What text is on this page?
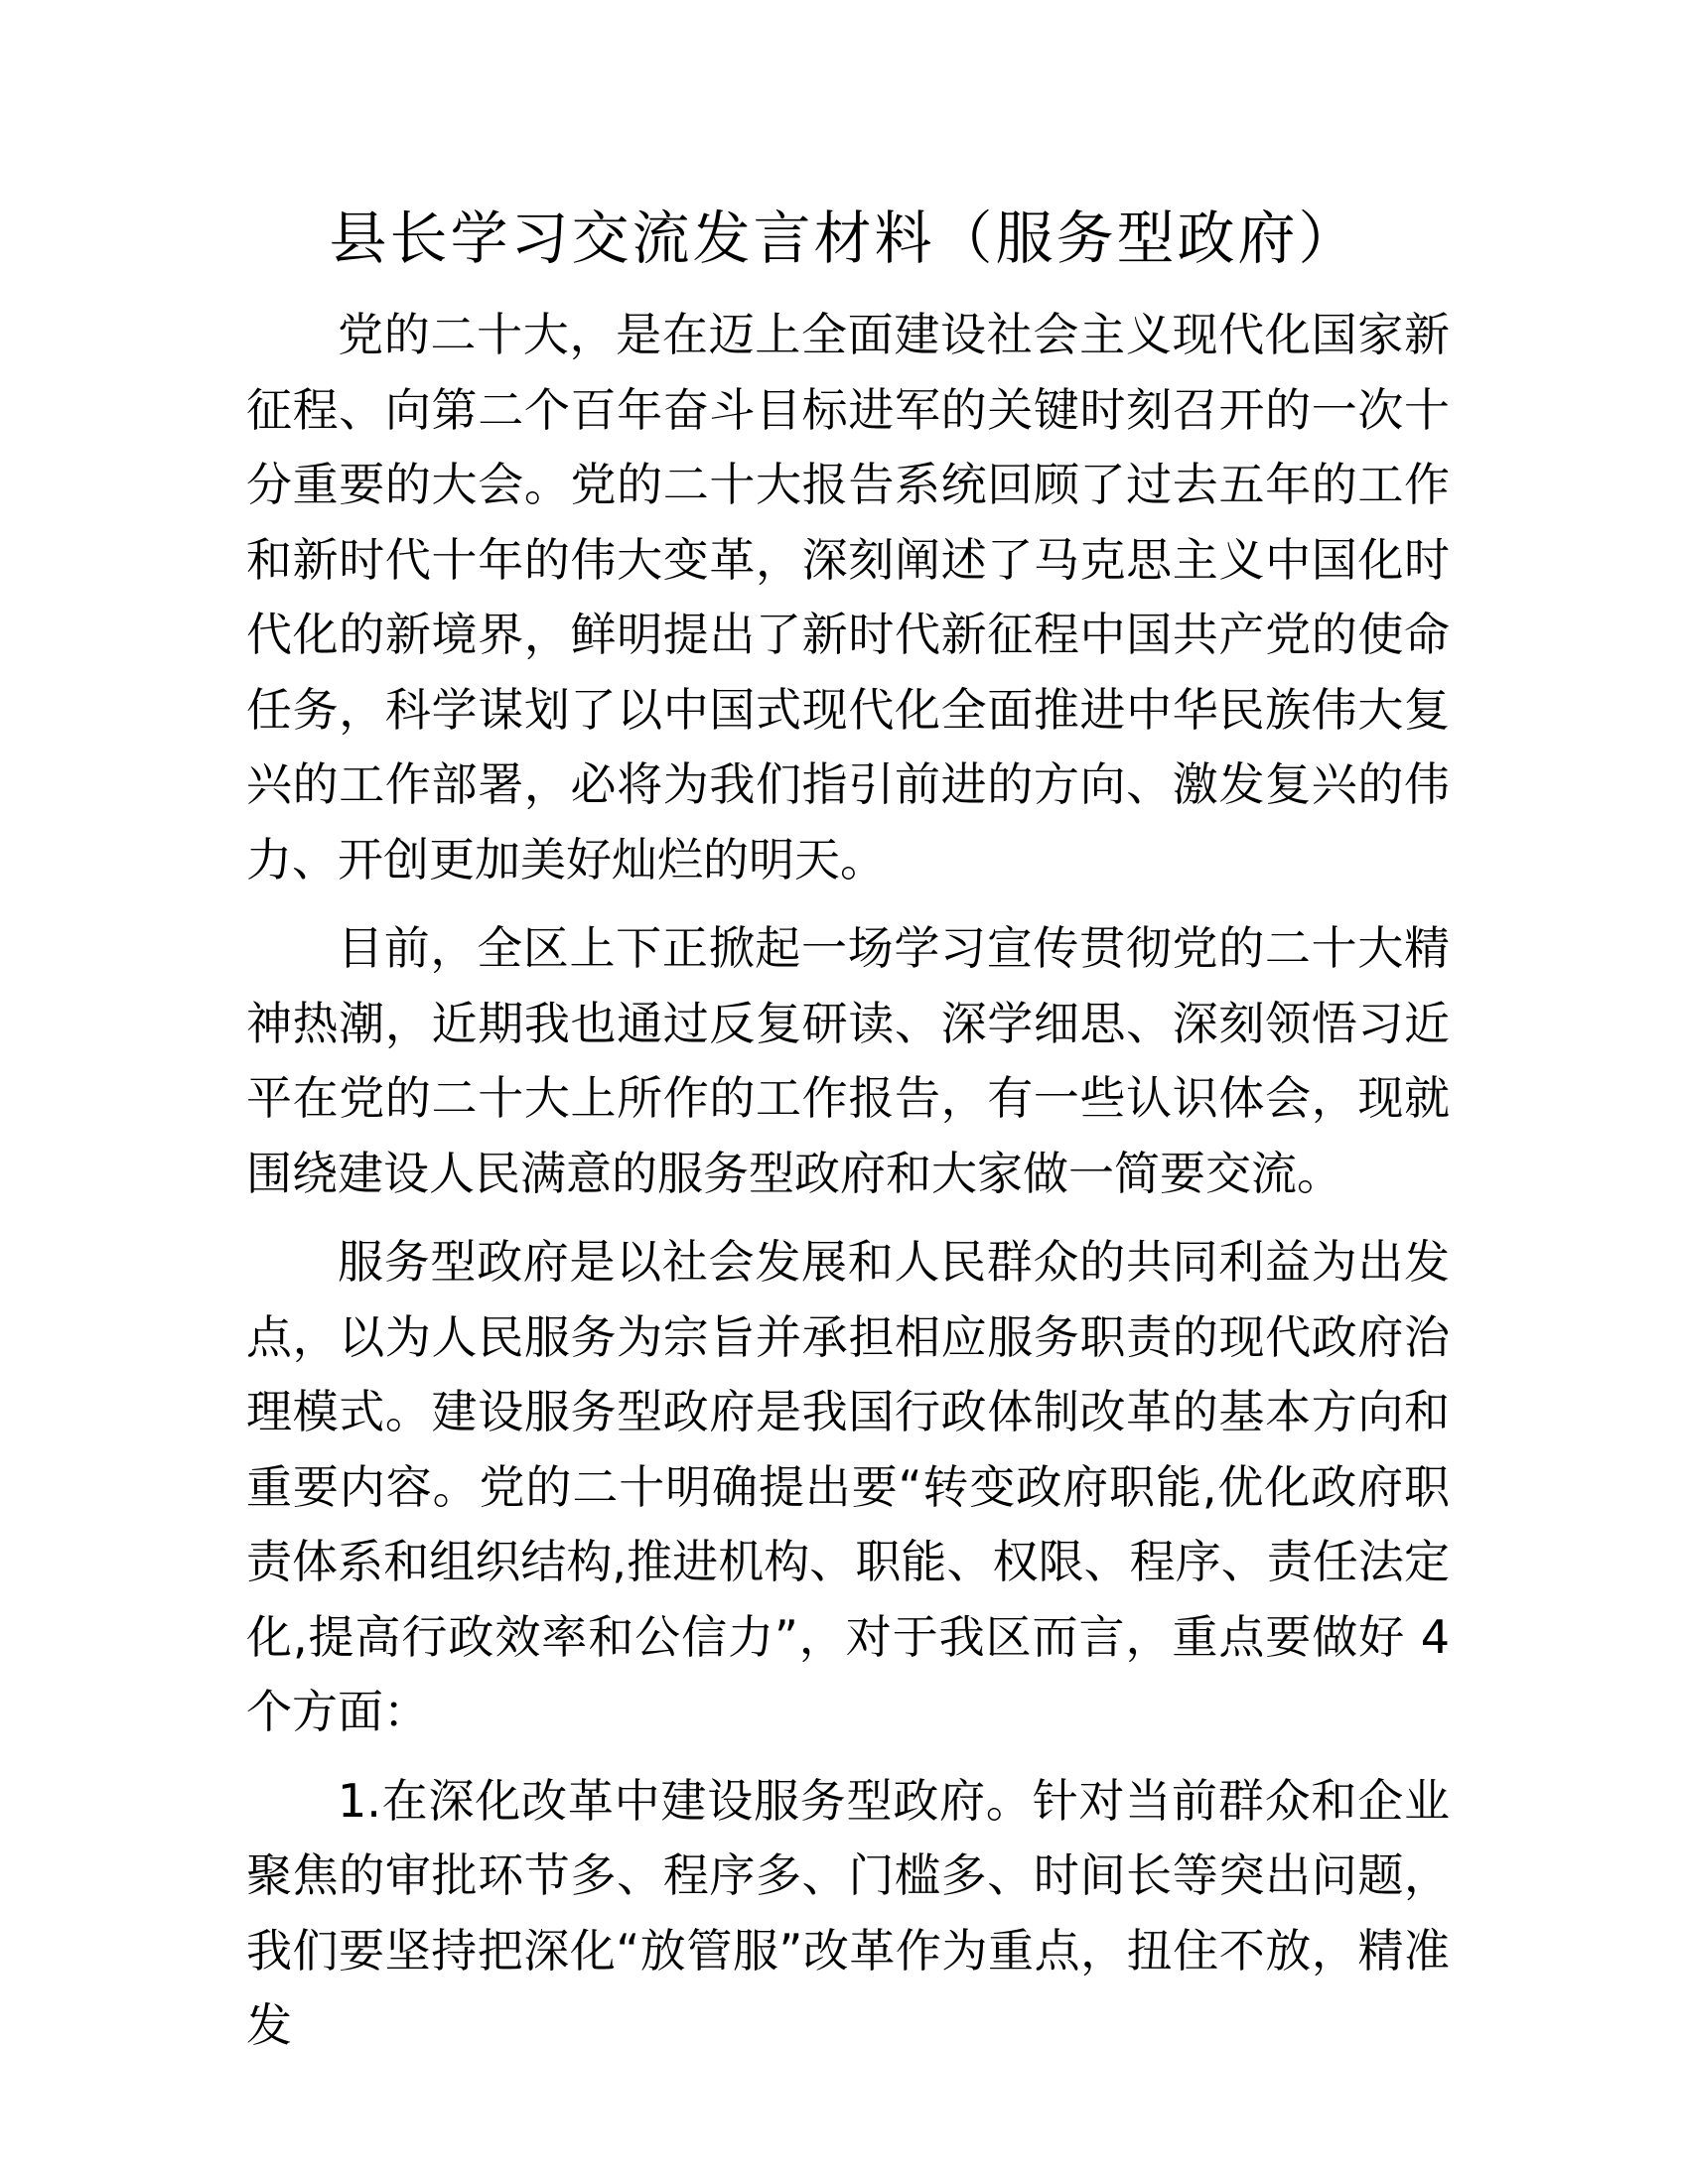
县长学习交流发言材料（服务型政府）

党的二十大，是在迈上全面建设社会主义现代化国家新征程、向第二个百年奋斗目标进军的关键时刻召开的一次十分重要的大会。党的二十大报告系统回顾了过去五年的工作和新时代十年的伟大变革，深刻阐述了马克思主义中国化时代化的新境界，鲜明提出了新时代新征程中国共产党的使命任务，科学谋划了以中国式现代化全面推进中华民族伟大复兴的工作部署，必将为我们指引前进的方向、激发复兴的伟力、开创更加美好灿烂的明天。

目前，全区上下正掀起一场学习宣传贯彻党的二十大精神热潮，近期我也通过反复研读、深学细思、深刻领悟习近平在党的二十大上所作的工作报告，有一些认识体会，现就围绕建设人民满意的服务型政府和大家做一简要交流。

服务型政府是以社会发展和人民群众的共同利益为出发点，以为人民服务为宗旨并承担相应服务职责的现代政府治理模式。建设服务型政府是我国行政体制改革的基本方向和重要内容。党的二十明确提出要“转变政府职能,优化政府职责体系和组织结构,推进机构、职能、权限、程序、责任法定化,提高行政效率和公信力”，对于我区而言，重点要做好 4 个方面：

1.在深化改革中建设服务型政府。针对当前群众和企业聚焦的审批环节多、程序多、门槛多、时间长等突出问题，我们要坚持把深化“放管服”改革作为重点，扭住不放，精准发
